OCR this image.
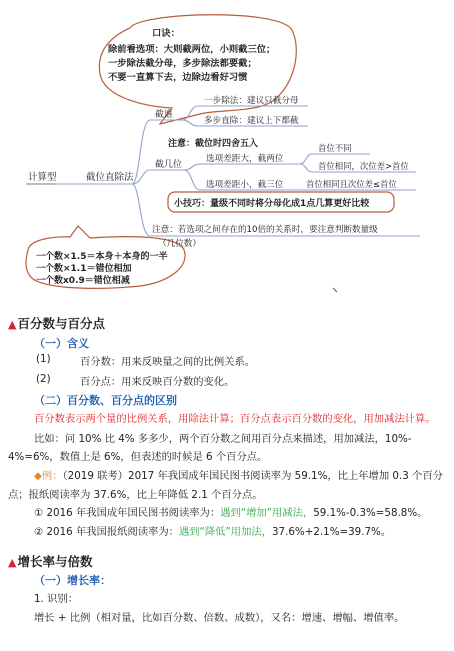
计算型	截位直除法
口诀：
除前看选项：大则截两位，小则截三位；
一步除法截分母，多步除法都要截；
不要一直算下去，边除边看好习惯
截谁
一步除法：建议只截分母
多步直除：建议上下都截
注意：截位时四舍五入
截几位
选项差距大，截两位
选项差距小，截三位
首位不同
首位相同，次位差>首位
首位相同且次位差≤首位
小技巧：量级不同时将分母化成1点几算更好比较
注意：若选项之间存在的10倍的关系时，要注意判断数量级
（几位数）
一个数×1.5＝本身＋本身的一半
一个数×1.1＝错位相加
一个数x0.9＝错位相减
▲百分数与百分点
（一）含义
(1)	百分数：用来反映量之间的比例关系。
(2)	百分点：用来反映百分数的变化。
（二）百分数、百分点的区别
百分数表示两个量的比例关系，用除法计算；百分点表示百分数的变化，用加减法计算。
比如：问 10% 比 4% 多多少，两个百分数之间用百分点来描述，用加减法，10%-
4%=6%，数值上是 6%，但表述的时候是 6 个百分点。
◆例：（2019 联考）2017 年我国成年国民图书阅读率为 59.1%，比上年增加 0.3 个百分
点；报纸阅读率为 37.6%，比上年降低 2.1 个百分点。
① 2016 年我国成年国民图书阅读率为：遇到“增加”用减法，59.1%-0.3%=58.8%。
② 2016 年我国报纸阅读率为：遇到“降低”用加法，37.6%+2.1%=39.7%。
▲增长率与倍数
（一）增长率：
1. 识别：
增长 + 比例（相对量，比如百分数、倍数、成数），又名：增速、增幅、增值率。
